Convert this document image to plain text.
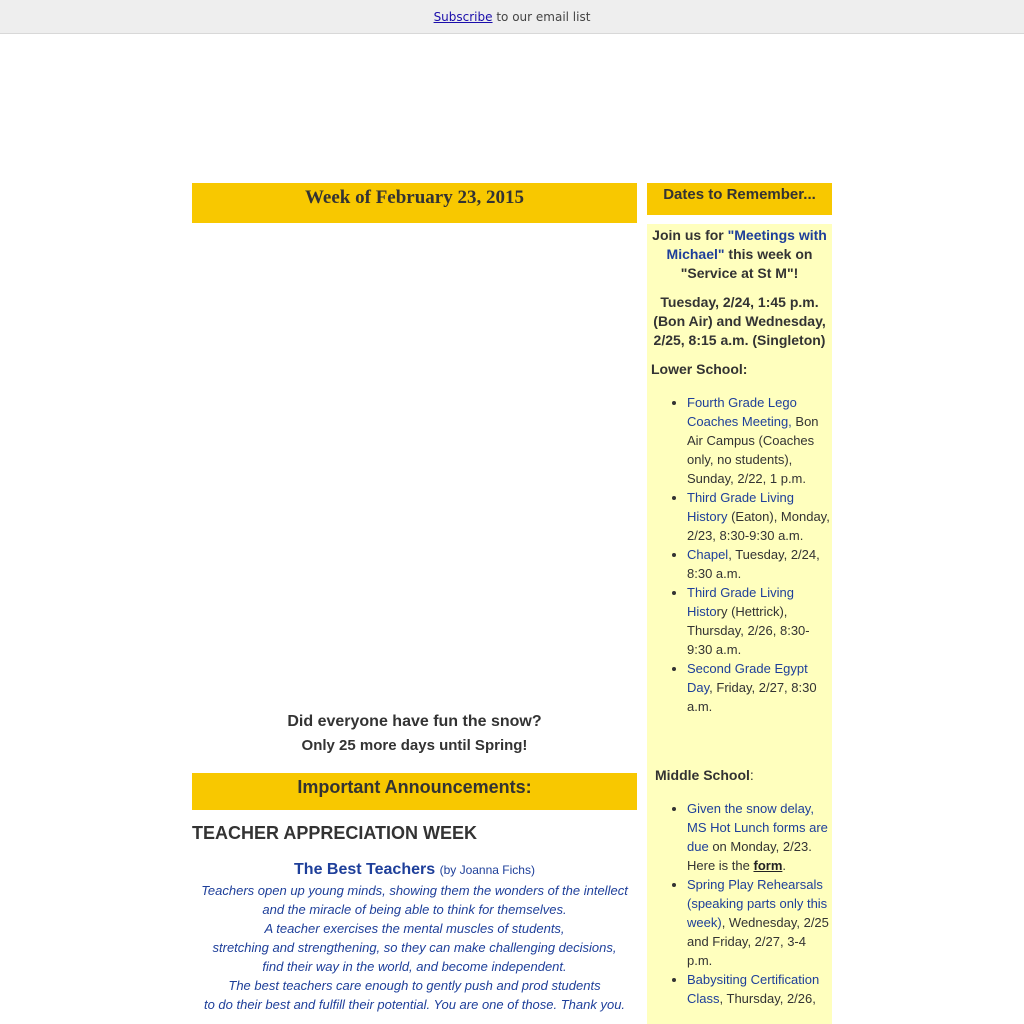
Subscribe to our email list
Week of February 23, 2015
Did everyone have fun the snow?
Only 25 more days until Spring!
Important Announcements:
TEACHER APPRECIATION WEEK
The Best Teachers (by Joanna Fichs)
Teachers open up young minds, showing them the wonders of the intellect
and the miracle of being able to think for themselves.
A teacher exercises the mental muscles of students,
stretching and strengthening, so they can make challenging decisions,
find their way in the world, and become independent.
The best teachers care enough to gently push and prod students
to do their best and fulfill their potential. You are one of those. Thank you.
Dates to Remember...
Join us for "Meetings with Michael" this week on "Service at St M"!
Tuesday, 2/24, 1:45 p.m. (Bon Air) and Wednesday, 2/25, 8:15 a.m. (Singleton)
Lower School:
• Fourth Grade Lego Coaches Meeting, Bon Air Campus (Coaches only, no students), Sunday, 2/22, 1 p.m.
• Third Grade Living History (Eaton), Monday, 2/23, 8:30-9:30 a.m.
• Chapel, Tuesday, 2/24, 8:30 a.m.
• Third Grade Living History (Hettrick), Thursday, 2/26, 8:30-9:30 a.m.
• Second Grade Egypt Day, Friday, 2/27, 8:30 a.m.
Middle School:
• Given the snow delay, MS Hot Lunch forms are due on Monday, 2/23. Here is the form.
• Spring Play Rehearsals (speaking parts only this week), Wednesday, 2/25 and Friday, 2/27, 3-4 p.m.
• Babysiting Certification Class, Thursday, 2/26,
